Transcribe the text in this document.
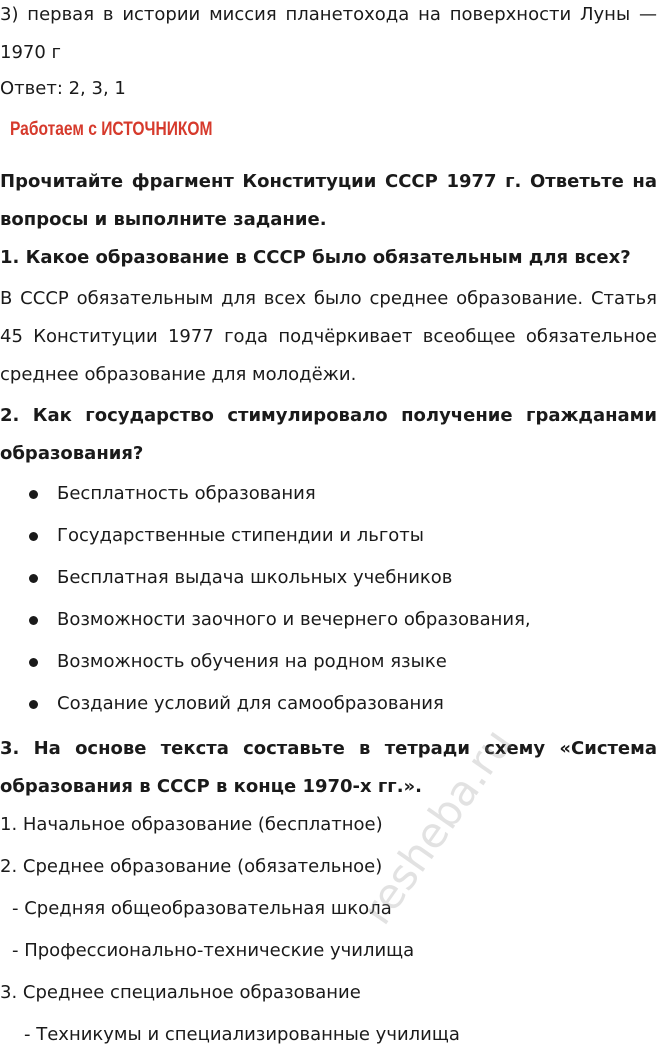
3) первая в истории миссия планетохода на поверхности Луны — 1970 г

Ответ: 2, 3, 1

Работаем с ИСТОЧНИКОМ

Прочитайте фрагмент Конституции СССР 1977 г. Ответьте на вопросы и выполните задание.

1. Какое образование в СССР было обязательным для всех?

В СССР обязательным для всех было среднее образование. Статья 45 Конституции 1977 года подчёркивает всеобщее обязательное среднее образование для молодёжи.

2. Как государство стимулировало получение гражданами образования?

Бесплатность образования
Государственные стипендии и льготы
Бесплатная выдача школьных учебников
Возможности заочного и вечернего образования,
Возможность обучения на родном языке
Создание условий для самообразования

3. На основе текста составьте в тетради схему «Система образования в СССР в конце 1970-х гг.».

1. Начальное образование (бесплатное)

2. Среднее образование (обязательное)

- Средняя общеобразовательная школа

- Профессионально-технические училища

3. Среднее специальное образование

- Техникумы и специализированные училища

resheba.ru
